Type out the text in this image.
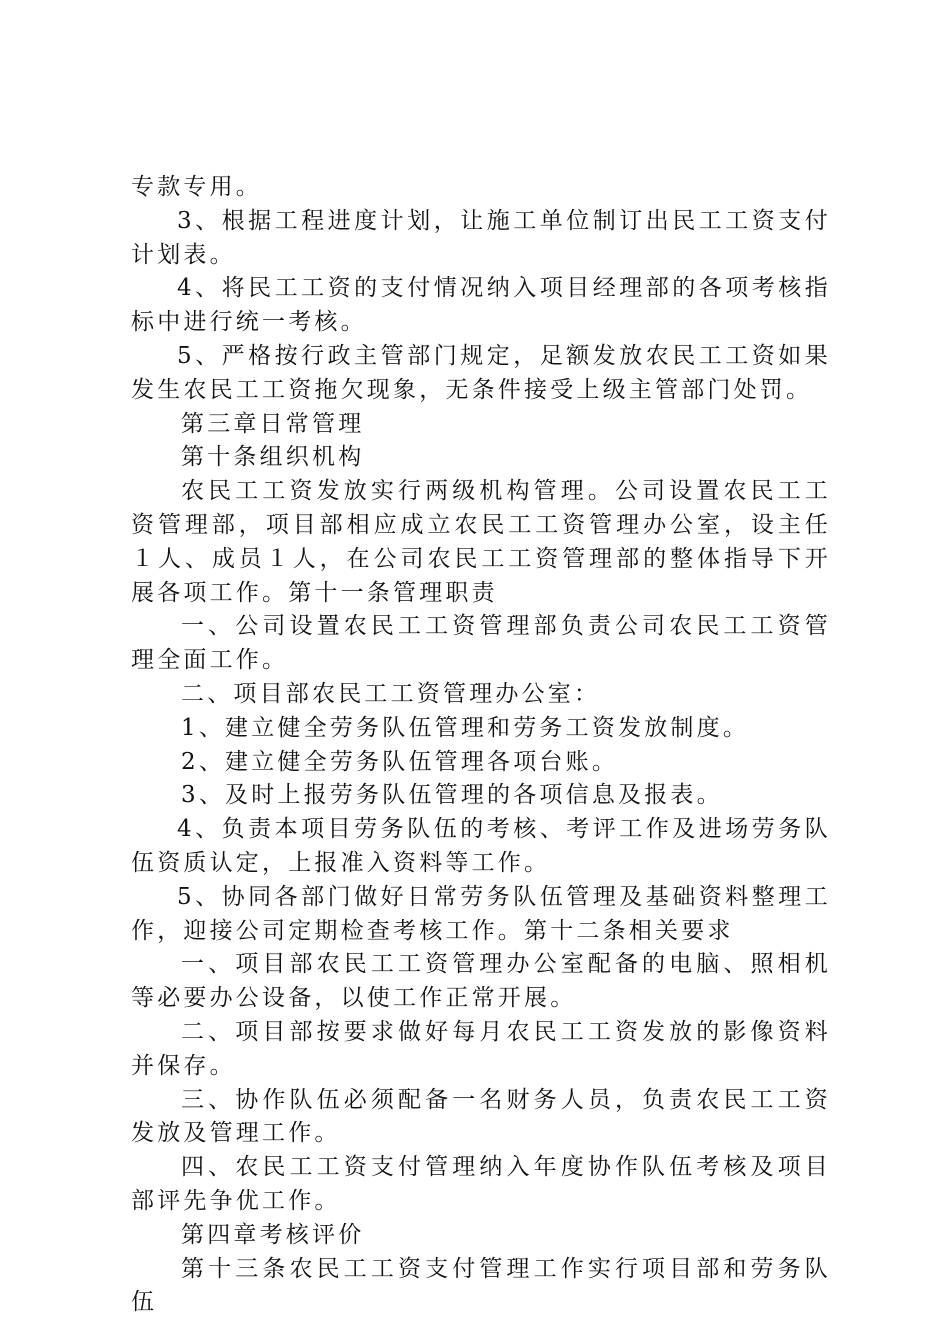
专款专用。

3、根据工程进度计划，让施工单位制订出民工工资支付计划表。

4、将民工工资的支付情况纳入项目经理部的各项考核指标中进行统一考核。

5、严格按行政主管部门规定，足额发放农民工工资如果发生农民工工资拖欠现象，无条件接受上级主管部门处罚。

第三章日常管理

第十条组织机构

农民工工资发放实行两级机构管理。公司设置农民工工资管理部，项目部相应成立农民工工资管理办公室，设主任１人、成员１人，在公司农民工工资管理部的整体指导下开展各项工作。第十一条管理职责

一、公司设置农民工工资管理部负责公司农民工工资管理全面工作。

二、项目部农民工工资管理办公室：

1、建立健全劳务队伍管理和劳务工资发放制度。

2、建立健全劳务队伍管理各项台账。

3、及时上报劳务队伍管理的各项信息及报表。

4、负责本项目劳务队伍的考核、考评工作及进场劳务队伍资质认定，上报准入资料等工作。

5、协同各部门做好日常劳务队伍管理及基础资料整理工作，迎接公司定期检查考核工作。第十二条相关要求

一、项目部农民工工资管理办公室配备的电脑、照相机等必要办公设备，以使工作正常开展。

二、项目部按要求做好每月农民工工资发放的影像资料并保存。

三、协作队伍必须配备一名财务人员，负责农民工工资发放及管理工作。

四、农民工工资支付管理纳入年度协作队伍考核及项目部评先争优工作。

第四章考核评价

第十三条农民工工资支付管理工作实行项目部和劳务队伍
